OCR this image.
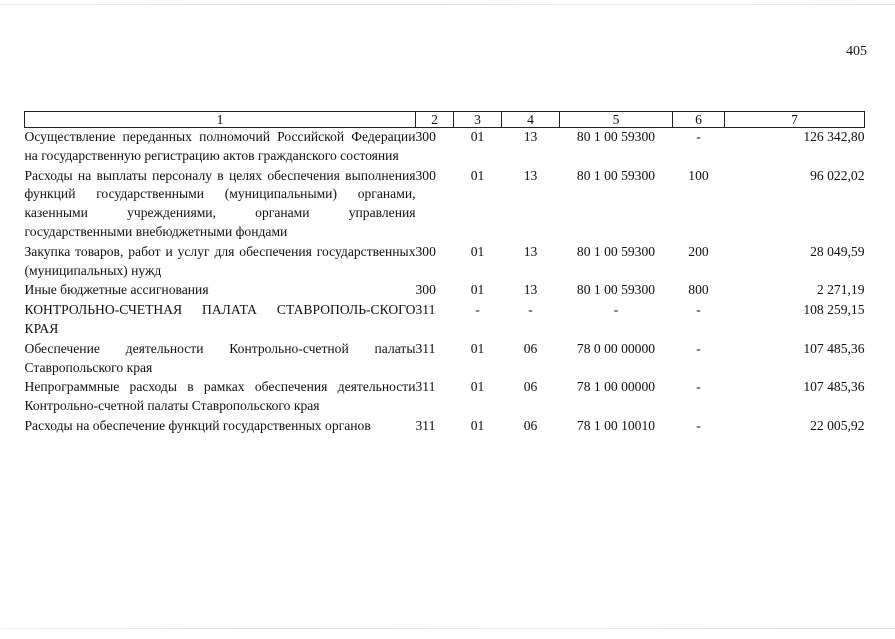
405
1	2	3	4	5	6	7
Осуществление переданных полномочий Российской Федерации на государственную регистрацию актов гражданского состояния	300	01	13	80 1 00 59300	-	126 342,80
Расходы на выплаты персоналу в целях обеспечения выполнения функций государственными (муниципальными) органами, казенными учреждениями, органами управления государственными внебюджетными фондами	300	01	13	80 1 00 59300	100	96 022,02
Закупка товаров, работ и услуг для обеспечения государственных (муниципальных) нужд	300	01	13	80 1 00 59300	200	28 049,59
Иные бюджетные ассигнования	300	01	13	80 1 00 59300	800	2 271,19
КОНТРОЛЬНО-СЧЕТНАЯ ПАЛАТА СТАВРОПОЛЬ-СКОГО КРАЯ	311	-	-	-	-	108 259,15
Обеспечение деятельности Контрольно-счетной палаты Ставропольского края	311	01	06	78 0 00 00000	-	107 485,36
Непрограммные расходы в рамках обеспечения деятельности Контрольно-счетной палаты Ставропольского края	311	01	06	78 1 00 00000	-	107 485,36
Расходы на обеспечение функций государственных органов	311	01	06	78 1 00 10010	-	22 005,92
